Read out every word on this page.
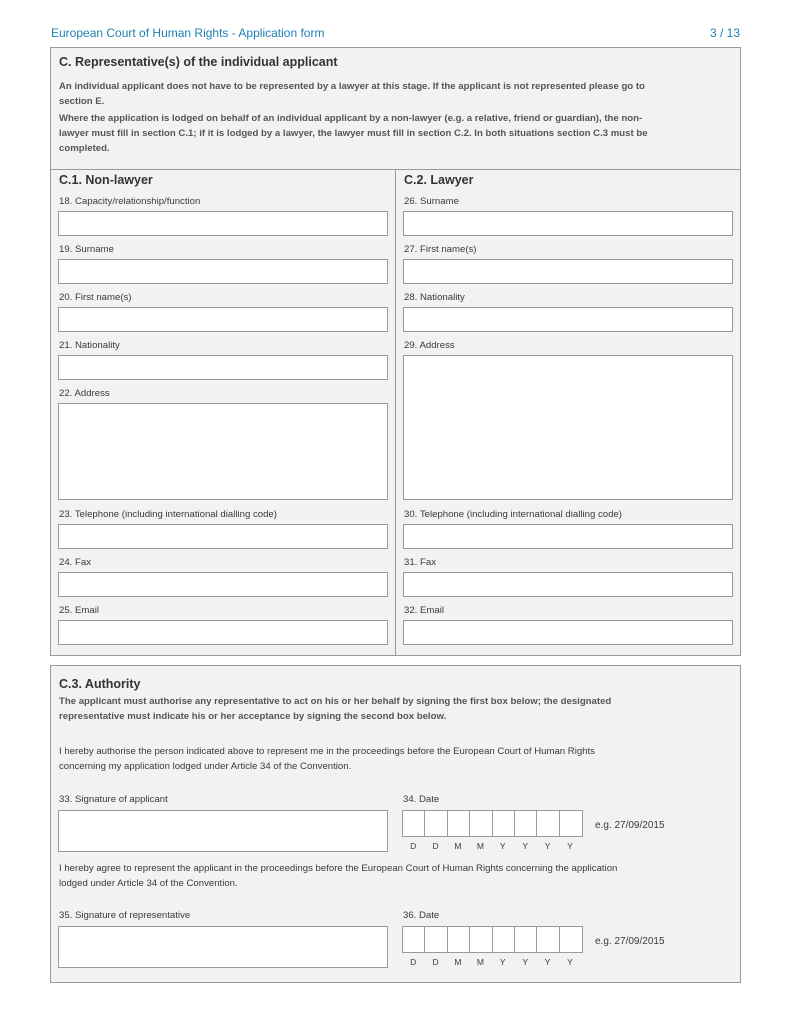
European Court of Human Rights - Application form	3 / 13
C. Representative(s) of the individual applicant
An individual applicant does not have to be represented by a lawyer at this stage. If the applicant is not represented please go to
section E.
Where the application is lodged on behalf of an individual applicant by a non-lawyer (e.g. a relative, friend or guardian), the non-
lawyer must fill in section C.1; if it is lodged by a lawyer, the lawyer must fill in section C.2. In both situations section C.3 must be
completed.
C.1. Non-lawyer
18. Capacity/relationship/function
19. Surname
20. First name(s)
21. Nationality
22. Address
23. Telephone (including international dialling code)
24. Fax
25. Email
C.2. Lawyer
26. Surname
27. First name(s)
28. Nationality
29. Address
30. Telephone (including international dialling code)
31. Fax
32. Email
C.3. Authority
The applicant must authorise any representative to act on his or her behalf by signing the first box below; the designated
representative must indicate his or her acceptance by signing the second box below.
I hereby authorise the person indicated above to represent me in the proceedings before the European Court of Human Rights
concerning my application lodged under Article 34 of the Convention.
33. Signature of applicant	34. Date
D	D	M	M	Y	Y	Y	Y
e.g. 27/09/2015
I hereby agree to represent the applicant in the proceedings before the European Court of Human Rights concerning the application
lodged under Article 34 of the Convention.
35. Signature of representative	36. Date
D	D	M	M	Y	Y	Y	Y
e.g. 27/09/2015
